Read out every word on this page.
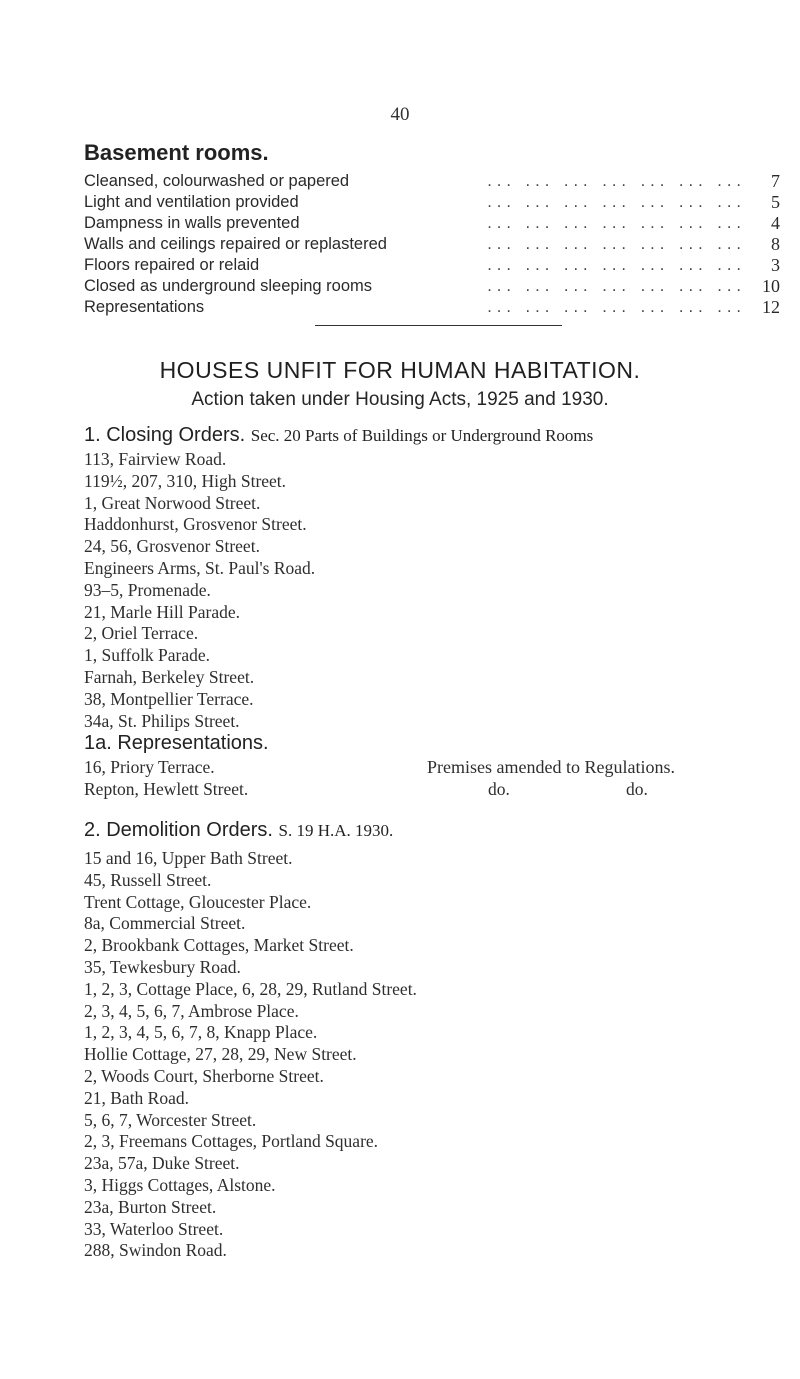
40
Basement rooms.
Cleansed, colourwashed or papered	... ... ... ... ... ... ...	7
Light and ventilation provided	... ... ... ... ... ... ...	5
Dampness in walls prevented	... ... ... ... ... ... ...	4
Walls and ceilings repaired or replastered	... ... ... ... ... ... ...	8
Floors repaired or relaid	... ... ... ... ... ... ...	3
Closed as underground sleeping rooms	... ... ... ... ... ... ... 10
Representations	... ... ... ... ... ... ... 12
HOUSES UNFIT FOR HUMAN HABITATION.
Action taken under Housing Acts, 1925 and 1930.
1. Closing Orders. Sec. 20 Parts of Buildings or Underground Rooms
113, Fairview Road.
119½, 207, 310, High Street.
1, Great Norwood Street.
Haddonhurst, Grosvenor Street.
24, 56, Grosvenor Street.
Engineers Arms, St. Paul's Road.
93–5, Promenade.
21, Marle Hill Parade.
2, Oriel Terrace.
1, Suffolk Parade.
Farnah, Berkeley Street.
38, Montpellier Terrace.
34a, St. Philips Street.
1a. Representations.
16, Priory Terrace.	Premises amended to Regulations.
Repton, Hewlett Street.	do.	do.
2. Demolition Orders. S. 19 H.A. 1930.
15 and 16, Upper Bath Street.
45, Russell Street.
Trent Cottage, Gloucester Place.
8a, Commercial Street.
2, Brookbank Cottages, Market Street.
35, Tewkesbury Road.
1, 2, 3, Cottage Place, 6, 28, 29, Rutland Street.
2, 3, 4, 5, 6, 7, Ambrose Place.
1, 2, 3, 4, 5, 6, 7, 8, Knapp Place.
Hollie Cottage, 27, 28, 29, New Street.
2, Woods Court, Sherborne Street.
21, Bath Road.
5, 6, 7, Worcester Street.
2, 3, Freemans Cottages, Portland Square.
23a, 57a, Duke Street.
3, Higgs Cottages, Alstone.
23a, Burton Street.
33, Waterloo Street.
288, Swindon Road.
